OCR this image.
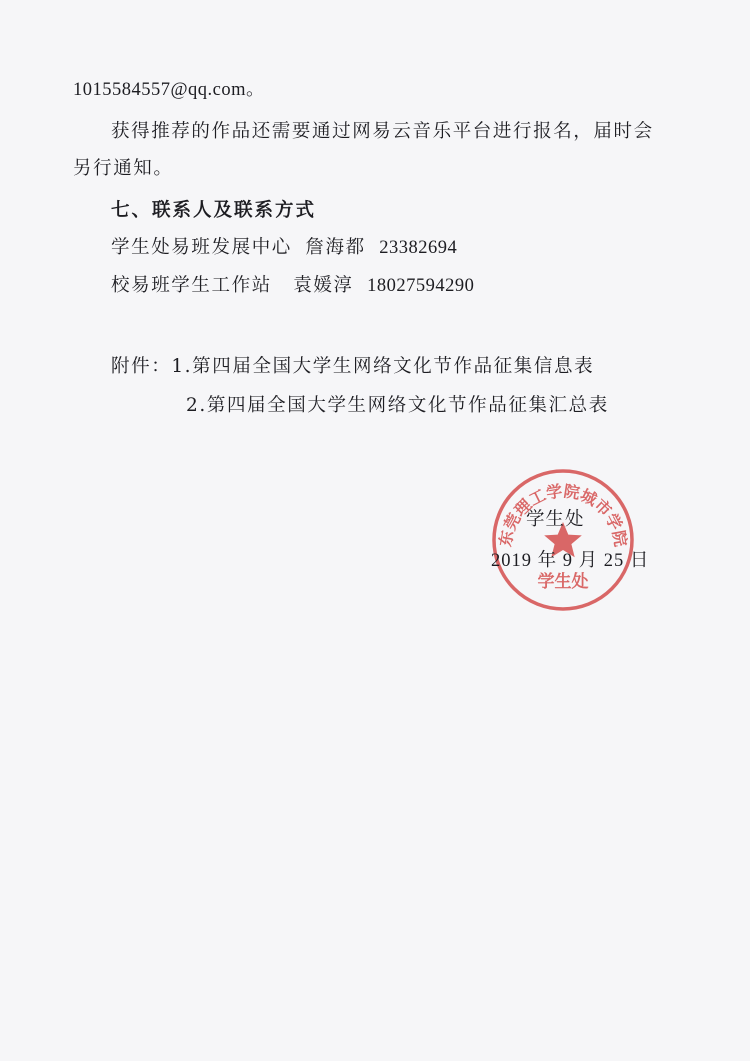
1015584557@qq.com。
获得推荐的作品还需要通过网易云音乐平台进行报名，届时会
另行通知。
七、联系人及联系方式
学生处易班发展中心 詹海都 23382694
校易班学生工作站 袁媛淳 18027594290
附件：1.第四届全国大学生网络文化节作品征集信息表
2.第四届全国大学生网络文化节作品征集汇总表
东莞理工学院城市学院
学生处
学生处
2019 年 9 月 25 日
